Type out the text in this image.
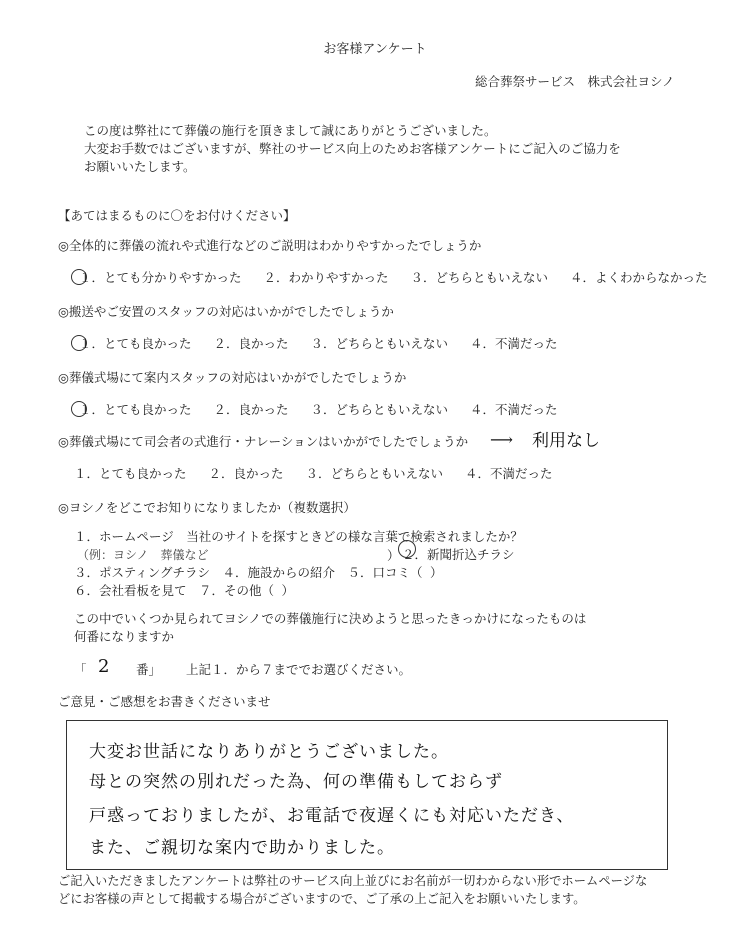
お客様アンケート
総合葬祭サービス　株式会社ヨシノ
この度は弊社にて葬儀の施行を頂きまして誠にありがとうございました。
大変お手数ではございますが、弊社のサービス向上のためお客様アンケートにご記入のご協力を
お願いいたします。
【あてはまるものに〇をお付けください】
◎全体的に葬儀の流れや式進行などのご説明はわかりやすかったでしょうか
１．とても分かりやすかった ２．わかりやすかった ３．どちらともいえない ４．よくわからなかった
◎搬送やご安置のスタッフの対応はいかがでしたでしょうか
１．とても良かった ２．良かった ３．どちらともいえない ４．不満だった
◎葬儀式場にて案内スタッフの対応はいかがでしたでしょうか
１．とても良かった ２．良かった ３．どちらともいえない ４．不満だった
◎葬儀式場にて司会者の式進行・ナレーションはいかがでしたでしょうか ⟶ 利用なし
１．とても良かった ２．良かった ３．どちらともいえない ４．不満だった
◎ヨシノをどこでお知りになりましたか（複数選択）
１．ホームページ　当社のサイトを探すときどの様な言葉で検索されましたか？
（例：ヨシノ　葬儀など	） ２．新聞折込チラシ
３．ポスティングチラシ　４．施設からの紹介　５．口コミ（ ）
６．会社看板を見て　７．その他（ ）
この中でいくつか見られてヨシノでの葬儀施行に決めようと思ったきっかけになったものは
何番になりますか
「 2 番」 上記１．から７まででお選びください。
ご意見・ご感想をお書きくださいませ
大変お世話になりありがとうございました。
母との突然の別れだった為、何の準備もしておらず
戸惑っておりましたが、お電話で夜遅くにも対応いただき、
また、ご親切な案内で助かりました。
ご記入いただきましたアンケートは弊社のサービス向上並びにお名前が一切わからない形でホームページな
どにお客様の声として掲載する場合がございますので、ご了承の上ご記入をお願いいたします。
